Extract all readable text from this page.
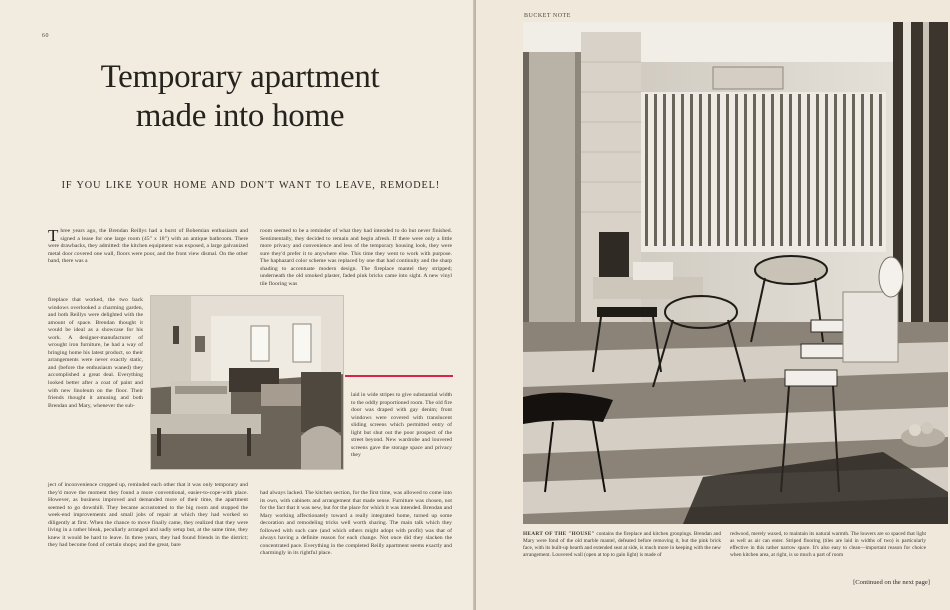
60
Temporary apartment
made into home
IF YOU LIKE YOUR HOME AND DON'T WANT TO LEAVE, REMODEL!
Three years ago, the Brendan Reillys had a burst of Bohemian enthusiasm and signed a lease for one large room (45" x 18") with an antique bathroom. There were drawbacks, they admitted: the kitchen equipment was exposed, a large galvanized metal door covered one wall, floors were poor, and the front view dismal. On the other hand, there was a
fireplace that worked, the two back windows overlooked a charming garden, and both Reillys were delighted with the amount of space. Brendan thought it would be ideal as a showcase for his work. A designer-manufacturer of wrought iron furniture, he had a way of bringing home his latest product, so their arrangements were never exactly static, and (before the enthusiasm waned) they accomplished a great deal. Everything looked better after a coat of paint and with new linoleum on the floor. Their friends thought it amusing and both Brendan and Mary, whenever the sub-
ject of inconvenience cropped up, reminded each other that it was only temporary and they'd move the moment they found a more conventional, easier-to-cope-with place. However, as business improved and demanded more of their time, the apartment seemed to go downhill. They became accustomed to the big room and stopped the week-end improvements and small jobs of repair at which they had worked so diligently at first. When the chance to move finally came, they realized that they were living in a rather bleak, peculiarly arranged and sadly setup but, at the same time, they knew it would be hard to leave. In three years, they had found friends in the district; they had become fond of certain shops; and the great, bare
room seemed to be a reminder of what they had intended to do but never finished. Sentimentally, they decided to remain and begin afresh. If there were only a little more privacy and convenience and less of the temporary housing look, they were sure they'd prefer it to anywhere else. This time they went to work with purpose. The haphazard color scheme was replaced by one that had continuity and the sharp shading to accentuate modern design. The fireplace mantel they stripped; underneath the old smoked plaster, faded pink bricks came into sight. A new vinyl tile flooring was
laid in wide stripes to give substantial width to the oddly proportioned room. The old fire door was draped with gay denim; front windows were covered with translucent sliding screens which permitted entry of light but shut out the poor prospect of the street beyond. New wardrobe and louvered screens gave the storage space and privacy they
had always lacked. The kitchen section, for the first time, was allowed to come into its own, with cabinets and arrangement that made sense. Furniture was chosen, not for the fact that it was new, but for the place for which it was intended. Brendan and Mary working affectionately toward a really integrated home, turned up some decoration and remodeling tricks well worth sharing. The main talk which they followed with such care (and which others might adopt with profit) was that of always having a definite reason for each change. Not once did they slacken the concentrated pace. Everything in the completed Reilly apartment seems exactly and charmingly in its rightful place.
BUCKET NOTE
HEART OF THE "HOUSE" contains the fireplace and kitchen groupings. Brendan and Mary were fond of the old marble mantel, defeated before removing it, but the pink brick face, with its built-up hearth and extended seat at side, is much more in keeping with the new arrangement. Louvered wall (open at top to gain light) is made of
redwood, merely waxed, to maintain its natural warmth. The louvers are so spaced that light as well as air can enter. Striped flooring (tiles are laid in widths of two) is particularly effective in this rather narrow space. It's also easy to clean—important reason for choice when kitchen area, at right, is so much a part of room
[Continued on the next page]
